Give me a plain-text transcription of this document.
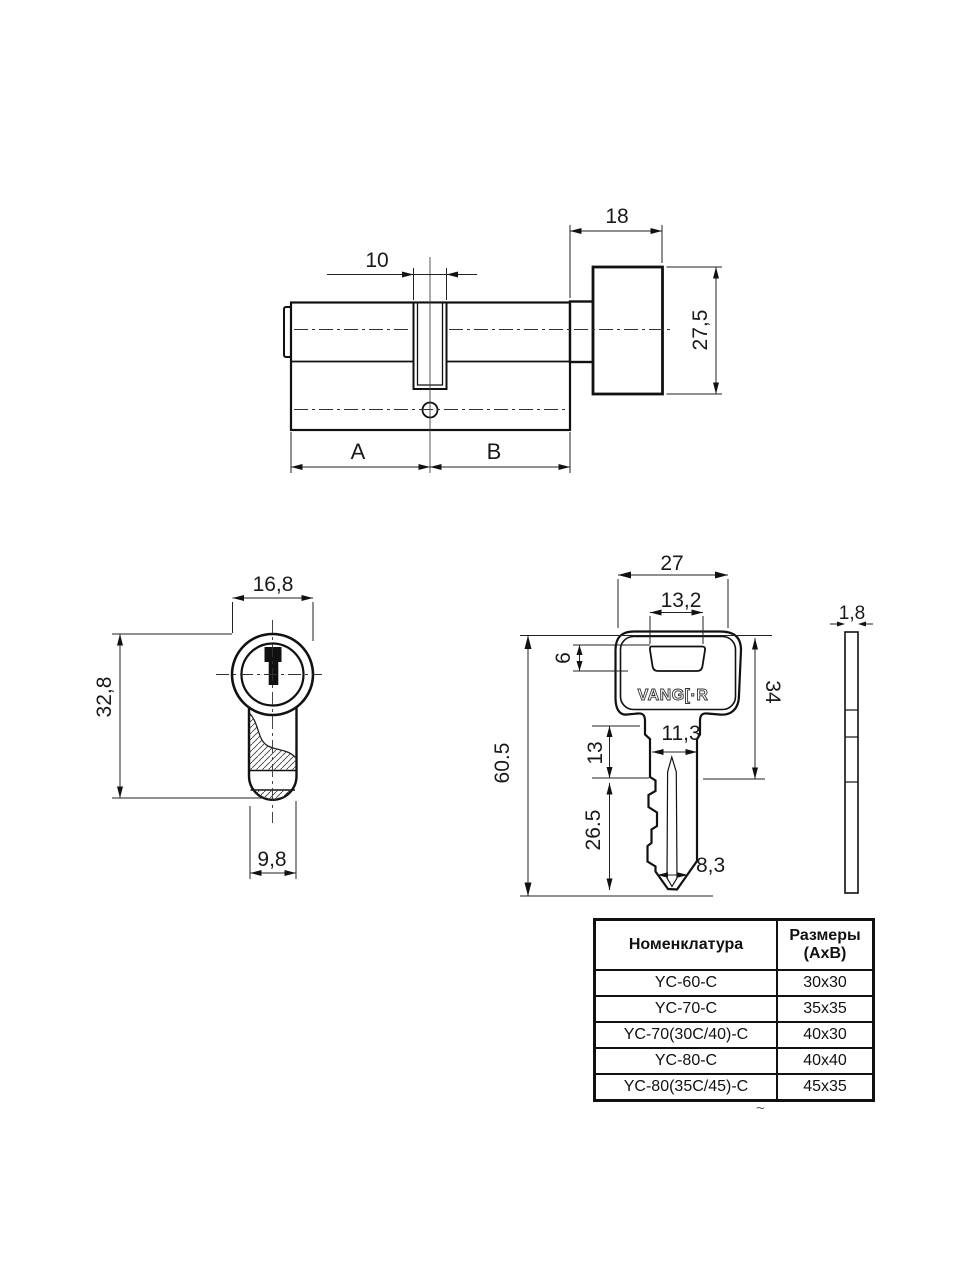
10
18
27,5
A	B
16,8
32,8
9,8
VANG[·R
27
13,2
6
34
60.5	13
26.5
11,3
8,3
1,8
Номенклатура	Размеры
(АхВ)

YC-60-C	30x30
YC-70-C	35x35
YC-70(30C/40)-C	40x30
YC-80-C	40x40
YC-80(35C/45)-C	45x35
~
